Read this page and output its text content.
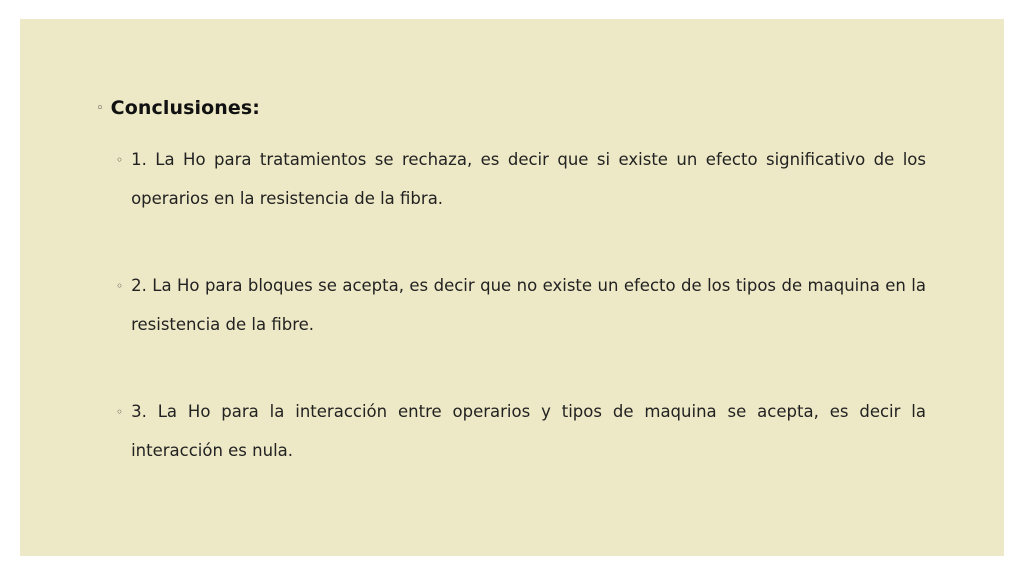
◦ Conclusiones:
◦ 1. La Ho para tratamientos se rechaza, es decir que si existe un efecto significativo de los operarios en la resistencia de la fibra.
◦ 2. La Ho para bloques se acepta, es decir que no existe un efecto de los tipos de maquina en la resistencia de la fibre.
◦ 3. La Ho para la interacción entre operarios y tipos de maquina se acepta, es decir la interacción es nula.
